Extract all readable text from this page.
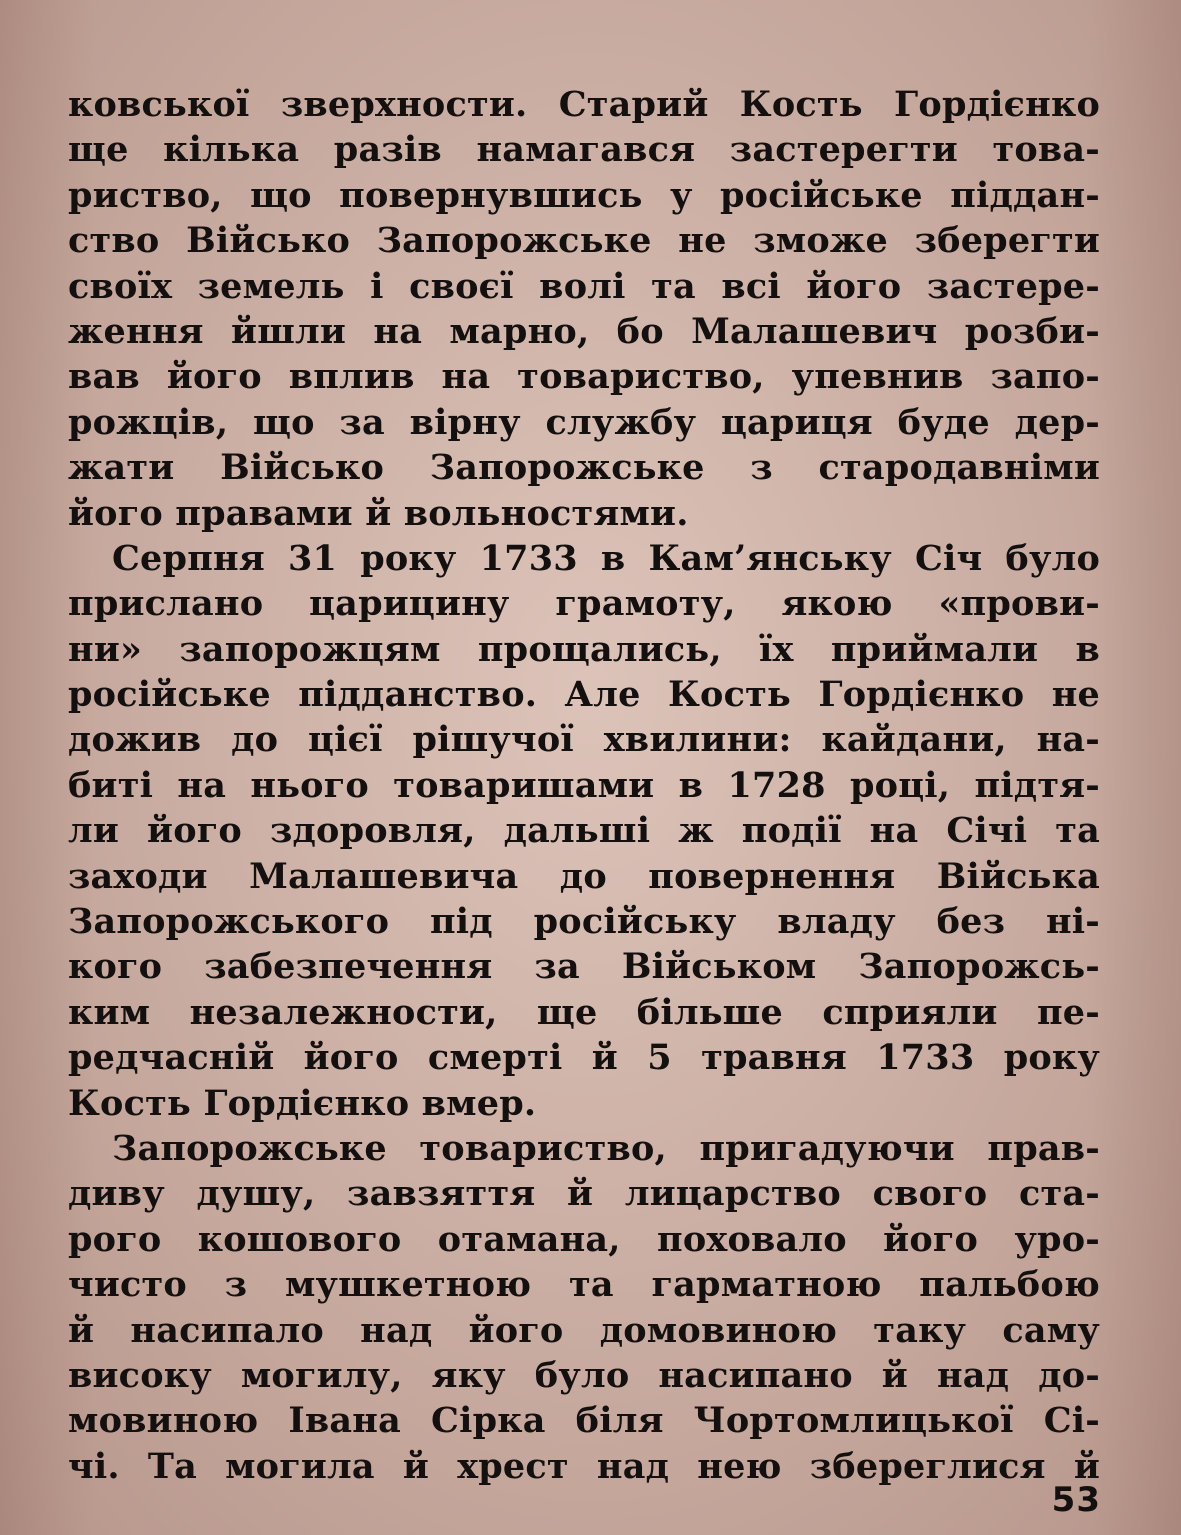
ковської зверхности. Старий Кость Гордієнко
ще кілька разів намагався застерегти това-
риство, що повернувшись у російське піддан-
ство Військо Запорожське не зможе зберегти
своїх земель і своєї волі та всі його застере-
ження йшли на марно, бо Малашевич розби-
вав його вплив на товариство, упевнив запо-
рожців, що за вірну службу цариця буде дер-
жати Військо Запорожське з стародавніми
його правами й вольностями.
Серпня 31 року 1733 в Кам’янську Січ було
прислано царицину грамоту, якою «прови-
ни» запорожцям прощались, їх приймали в
російське підданство. Але Кость Гордієнко не
дожив до цієї рішучої хвилини: кайдани, на-
биті на нього товаришами в 1728 році, підтя-
ли його здоровля, дальші ж події на Січі та
заходи Малашевича до повернення Війська
Запорожського під російську владу без ні-
кого забезпечення за Військом Запорожсь-
ким незалежности, ще більше сприяли пе-
редчасній його смерті й 5 травня 1733 року
Кость Гордієнко вмер.
Запорожське товариство, пригадуючи прав-
диву душу, завзяття й лицарство свого ста-
рого кошового отамана, поховало його уро-
чисто з мушкетною та гарматною пальбою
й насипало над його домовиною таку саму
високу могилу, яку було насипано й над до-
мовиною Івана Сірка біля Чортомлицької Сі-
чі. Та могила й хрест над нею збереглися й
53
